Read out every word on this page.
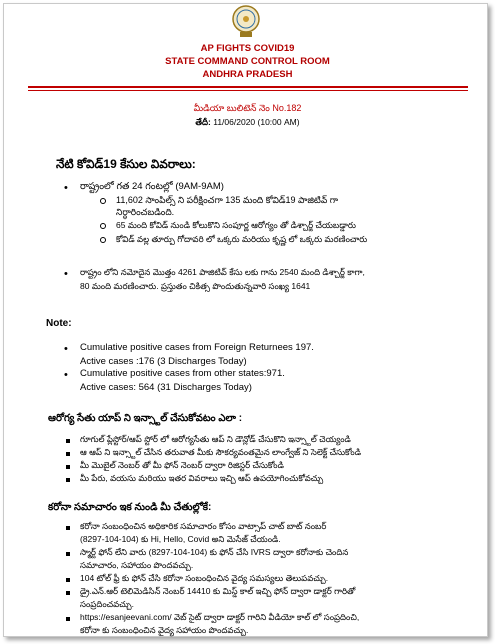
AP FIGHTS COVID19
STATE COMMAND CONTROL ROOM
ANDHRA PRADESH
మీడియా బులిటెన్ నెం No.182
తేదీ: 11/06/2020 (10:00 AM)
నేటి కోవిడ్19 కేసుల వివరాలు:
• రాష్ట్రంలో గత 24 గంటల్లో (9AM-9AM)
11,602 సాంపిల్స్ ని పరీక్షించగా 135 మంది కోవిడ్19 పాజిటివ్ గా
నిర్ధారించబడింది.
65 మంది కోవిడ్ నుండి కోలుకొని సంపూర్ణ ఆరోగ్యం తో డిశ్చార్జ్ చేయబడ్డారు
కోవిడ్ వల్ల తూర్పు గోదావరి లో ఒక్కరు మరియు కృష్ణ లో ఒక్కరు మరణించారు
• రాష్ట్రం లోని నమోదైన మొత్తం 4261 పాజిటివ్ కేసు లకు గాను 2540 మంది డిశ్చార్జ్ కాగా,
80 మంది మరణించారు. ప్రస్తుతం చికిత్స పొందుతున్నవారి సంఖ్య 1641
Note:
• Cumulative positive cases from Foreign Returnees 197.
Active cases :176 (3 Discharges Today)
• Cumulative positive cases from other states:971.
Active cases: 564 (31 Discharges Today)
ఆరోగ్య సేతు యాప్ ని ఇన్స్టాల్ చేసుకోవటం ఎలా :
గూగుల్ ప్లేస్టోర్/ఆప్ స్టోర్ లో ఆరోగ్యసేతు ఆప్ ని డౌన్లోడ్ చేసుకొని ఇన్స్టాల్ చెయ్యండి
ఆ ఆప్ ని ఇన్స్టాల్ చేసిన తరువాత మీకు సౌకర్యవంతమైన లాంగ్వేజ్ ని సెలెక్ట్ చేసుకోండి
మీ మొబైల్ నెంబర్ తో మీ ఫోన్ నెంబర్ ద్వారా రిజిస్టర్ చేసుకోండి
మీ పేరు, వయసు మరియు ఇతర వివరాలు ఇచ్చి ఆప్ ఉపయోగించుకోవచ్చు
కరోనా సమాచారం ఇక నుండి మీ చేతుల్లోకే:
కరోనా సంబంధించిన అధికారిక సమాచారం కోసం వాట్సాప్ చాట్ బాట్ నంబర్
(8297-104-104) కు Hi, Hello, Covid అని మెసేజ్ చేయండి.
స్మార్ట్ ఫోన్ లేని వారు (8297-104-104) కు ఫోన్ చేసి IVRS ద్వారా కరోనాకు చెందిన
సమాచారం, సహాయం పొందవచ్చు.
104 టోల్ ఫ్రీ కు ఫోన్ చేసి కరోనా సంబంధించిన వైద్య సమస్యలు తెలుపవచ్చు.
డ్రై.ఎన్.ఆర్ టెలిమెడిసిన్ నెంబర్ 14410 కు మిస్డ్ కాల్ ఇచ్చి ఫోన్ ద్వారా డాక్టర్ గారితో
సంప్రదించవచ్చు.
https://esanjeevani.com/ వెబ్ సైట్ ద్వారా డాక్టర్ గారిని వీడియో కాల్ లో సంప్రదించి,
కరోనా కు సంబంధించిన వైద్య సహాయం పొందవచ్చు.
